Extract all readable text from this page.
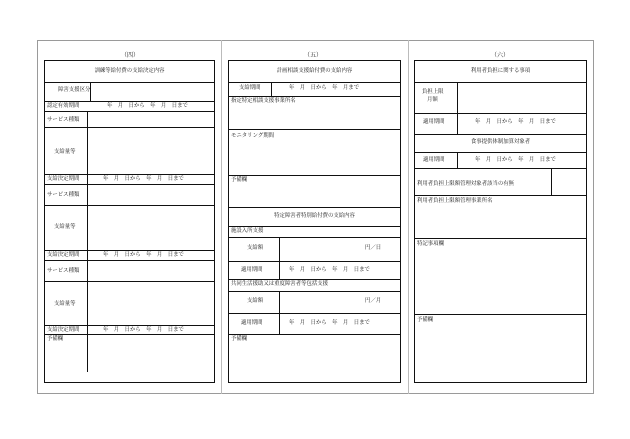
（四）	（五）	（六）
訓練等給付費の支給決定内容
障害支援区分
認定有効期間	年　月　日から　年　月　日まで
サービス種類
支給量等
支給決定期間	年　月　日から　年　月　日まで
サービス種類
支給量等
支給決定期間	年　月　日から　年　月　日まで
サービス種類
支給量等
支給決定期間	年　月　日から　年　月　日まで
予備欄
計画相談支援給付費の支給内容
支給期間	年　月　日から　年　月まで
指定特定相談支援事業所名
モニタリング期間
予備欄
特定障害者特別給付費の支給内容
施設入所支援
支給額	円／日
適用期間	年　月　日から　年　月　日まで
共同生活援助又は重度障害者等包括支援
支給額	円／月
適用期間	年　月　日から　年　月　日まで
予備欄
利用者負担に関する事項
負担上限
月額
適用期間	年　月　日から　年　月　日まで
食事提供体制加算対象者
適用期間	年　月　日から　年　月　日まで
利用者負担上限額管理対象者該当の有無
利用者負担上限額管理事業所名
特記事項欄
予備欄
